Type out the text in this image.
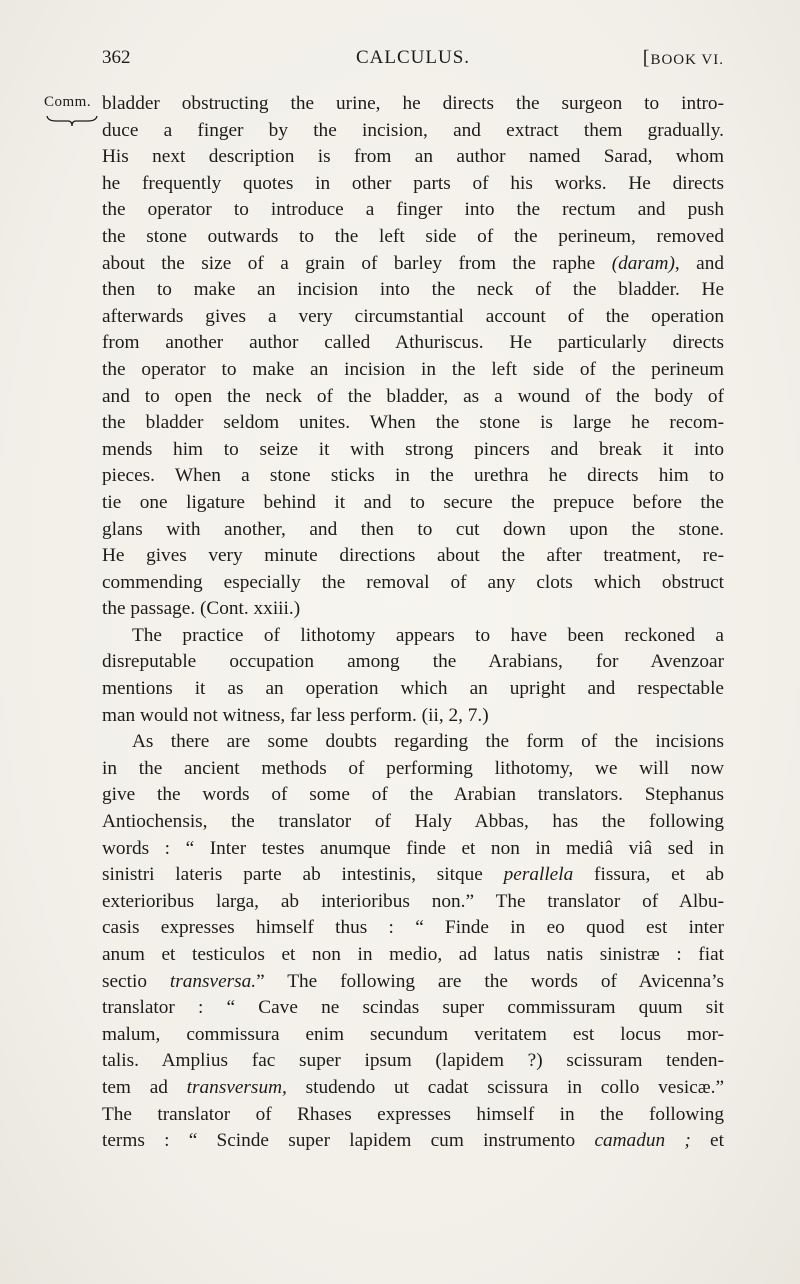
362	CALCULUS.	[BOOK VI.
Comm. bladder obstructing the urine, he directs the surgeon to intro-
duce a finger by the incision, and extract them gradually.
His next description is from an author named Sarad, whom
he frequently quotes in other parts of his works. He directs
the operator to introduce a finger into the rectum and push
the stone outwards to the left side of the perineum, removed
about the size of a grain of barley from the raphe (daram), and
then to make an incision into the neck of the bladder. He
afterwards gives a very circumstantial account of the operation
from another author called Athuriscus. He particularly directs
the operator to make an incision in the left side of the perineum
and to open the neck of the bladder, as a wound of the body of
the bladder seldom unites. When the stone is large he recom-
mends him to seize it with strong pincers and break it into
pieces. When a stone sticks in the urethra he directs him to
tie one ligature behind it and to secure the prepuce before the
glans with another, and then to cut down upon the stone.
He gives very minute directions about the after treatment, re-
commending especially the removal of any clots which obstruct
the passage. (Cont. xxiii.)
The practice of lithotomy appears to have been reckoned a
disreputable occupation among the Arabians, for Avenzoar
mentions it as an operation which an upright and respectable
man would not witness, far less perform. (ii, 2, 7.)
As there are some doubts regarding the form of the incisions
in the ancient methods of performing lithotomy, we will now
give the words of some of the Arabian translators. Stephanus
Antiochensis, the translator of Haly Abbas, has the following
words : “ Inter testes anumque finde et non in mediâ viâ sed in
sinistri lateris parte ab intestinis, sitque perallela fissura, et ab
exterioribus larga, ab interioribus non.” The translator of Albu-
casis expresses himself thus : “ Finde in eo quod est inter
anum et testiculos et non in medio, ad latus natis sinistræ : fiat
sectio transversa.” The following are the words of Avicenna’s
translator : “ Cave ne scindas super commissuram quum sit
malum, commissura enim secundum veritatem est locus mor-
talis. Amplius fac super ipsum (lapidem ?) scissuram tenden-
tem ad transversum, studendo ut cadat scissura in collo vesicæ.”
The translator of Rhases expresses himself in the following
terms : “ Scinde super lapidem cum instrumento camadun ; et
